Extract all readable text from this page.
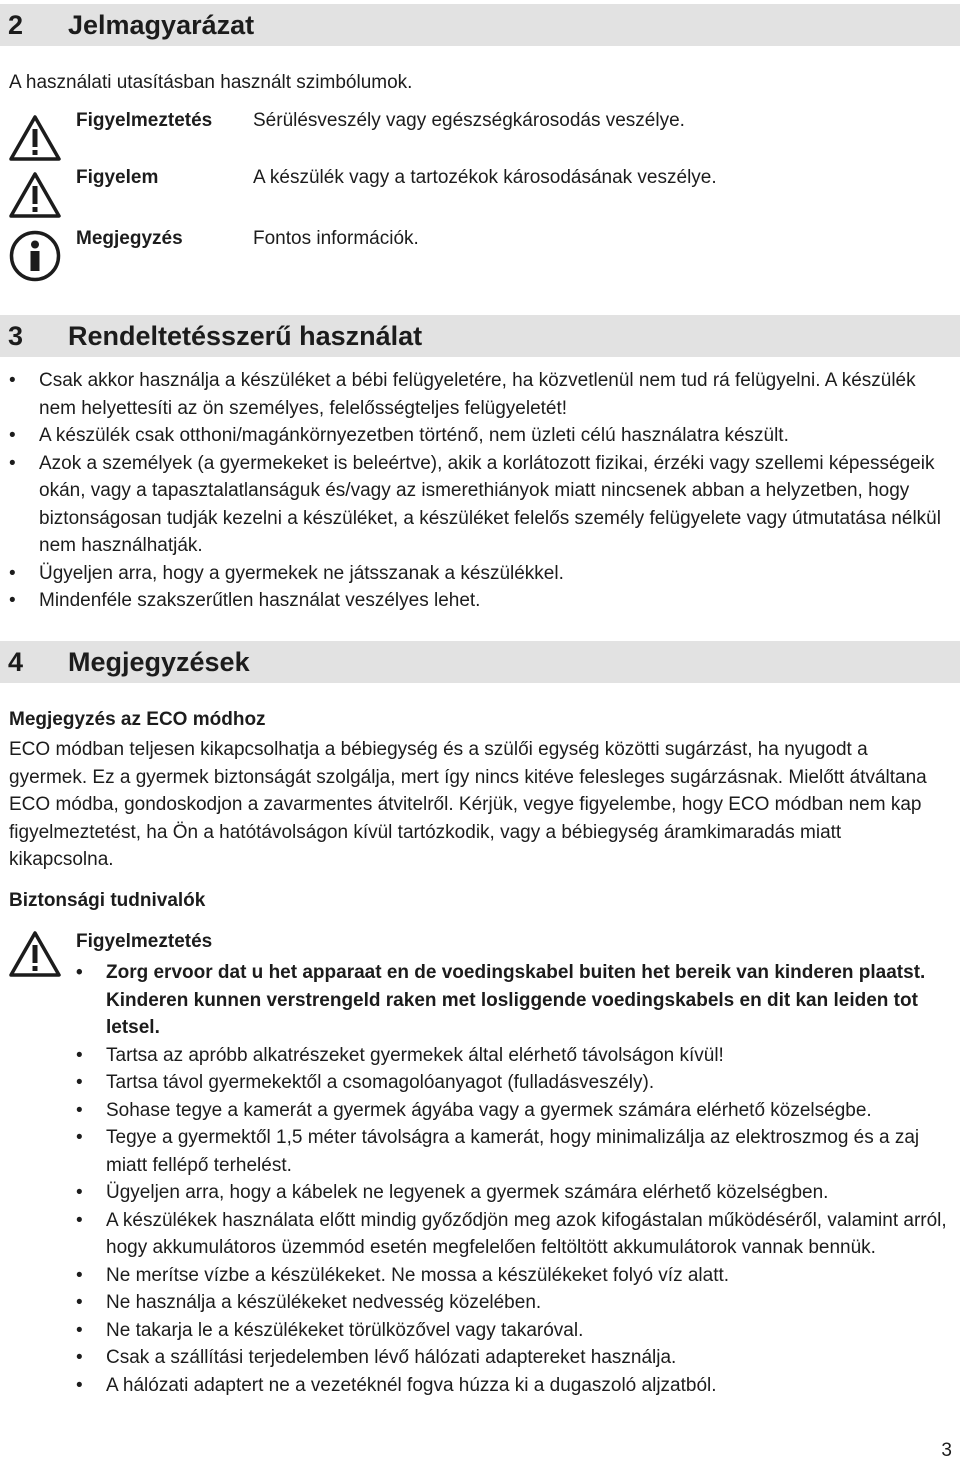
2 Jelmagyarázat

A használati utasításban használt szimbólumok.

Figyelmeztetés Sérülésveszély vagy egészségkárosodás veszélye.
Figyelem	A készülék vagy a tartozékok károsodásának veszélye.
Megjegyzés	Fontos információk.
3 Rendeltetésszerű használat
• Csak akkor használja a készüléket a bébi felügyeletére, ha közvetlenül nem tud rá felügyelni. A készülék nem helyettesíti az ön személyes, felelősségteljes felügyeletét!
• A készülék csak otthoni/magánkörnyezetben történő, nem üzleti célú használatra készült.
• Azok a személyek (a gyermekeket is beleértve), akik a korlátozott fizikai, érzéki vagy szellemi képességeik okán, vagy a tapasztalatlanságuk és/vagy az ismerethiányok miatt nincsenek abban a helyzetben, hogy biztonságosan tudják kezelni a készüléket, a készüléket felelős személy felügyelete vagy útmutatása nélkül nem használhatják.
• Ügyeljen arra, hogy a gyermekek ne játsszanak a készülékkel.
• Mindenféle szakszerűtlen használat veszélyes lehet.
4 Megjegyzések
Megjegyzés az ECO módhoz

ECO módban teljesen kikapcsolhatja a bébiegység és a szülői egység közötti sugárzást, ha nyugodt a gyermek. Ez a gyermek biztonságát szolgálja, mert így nincs kitéve felesleges sugárzásnak. Mielőtt átváltana ECO módba, gondoskodjon a zavarmentes átvitelről. Kérjük, vegye figyelembe, hogy ECO módban nem kap figyelmeztetést, ha Ön a hatótávolságon kívül tartózkodik, vagy a bébiegység áramkimaradás miatt kikapcsolna.

Biztonsági tudnivalók
Figyelmeztetés
• Zorg ervoor dat u het apparaat en de voedingskabel buiten het bereik van kinderen plaatst. Kinderen kunnen verstrengeld raken met losliggende voedingskabels en dit kan leiden tot letsel.
• Tartsa az apróbb alkatrészeket gyermekek által elérhető távolságon kívül!
• Tartsa távol gyermekektől a csomagolóanyagot (fulladásveszély).
• Sohase tegye a kamerát a gyermek ágyába vagy a gyermek számára elérhető közelségbe.
• Tegye a gyermektől 1,5 méter távolságra a kamerát, hogy minimalizálja az elektroszmog és a zaj miatt fellépő terhelést.
• Ügyeljen arra, hogy a kábelek ne legyenek a gyermek számára elérhető közelségben.
• A készülékek használata előtt mindig győződjön meg azok kifogástalan működéséről, valamint arról, hogy akkumulátoros üzemmód esetén megfelelően feltöltött akkumulátorok vannak bennük.
• Ne merítse vízbe a készülékeket. Ne mossa a készülékeket folyó víz alatt.
• Ne használja a készülékeket nedvesség közelében.
• Ne takarja le a készülékeket törülközővel vagy takaróval.
• Csak a szállítási terjedelemben lévő hálózati adaptereket használja.
• A hálózati adaptert ne a vezetéknél fogva húzza ki a dugaszoló aljzatból.
3
